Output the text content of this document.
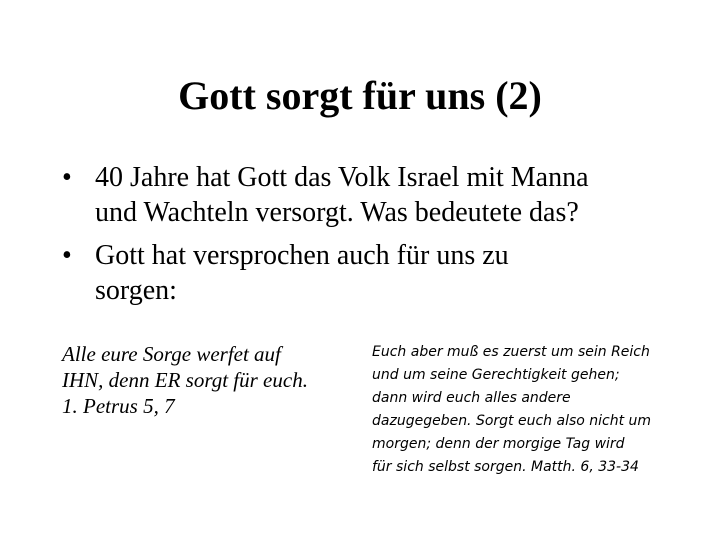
Gott sorgt für uns (2)
• 40 Jahre hat Gott das Volk Israel mit Manna
und Wachteln versorgt. Was bedeutete das?
• Gott hat versprochen auch für uns zu
sorgen:
Alle eure Sorge werfet auf
IHN, denn ER sorgt für euch.
1. Petrus 5, 7
Euch aber muß es zuerst um sein Reich
und um seine Gerechtigkeit gehen;
dann wird euch alles andere
dazugegeben. Sorgt euch also nicht um
morgen; denn der morgige Tag wird
für sich selbst sorgen. Matth. 6, 33-34
